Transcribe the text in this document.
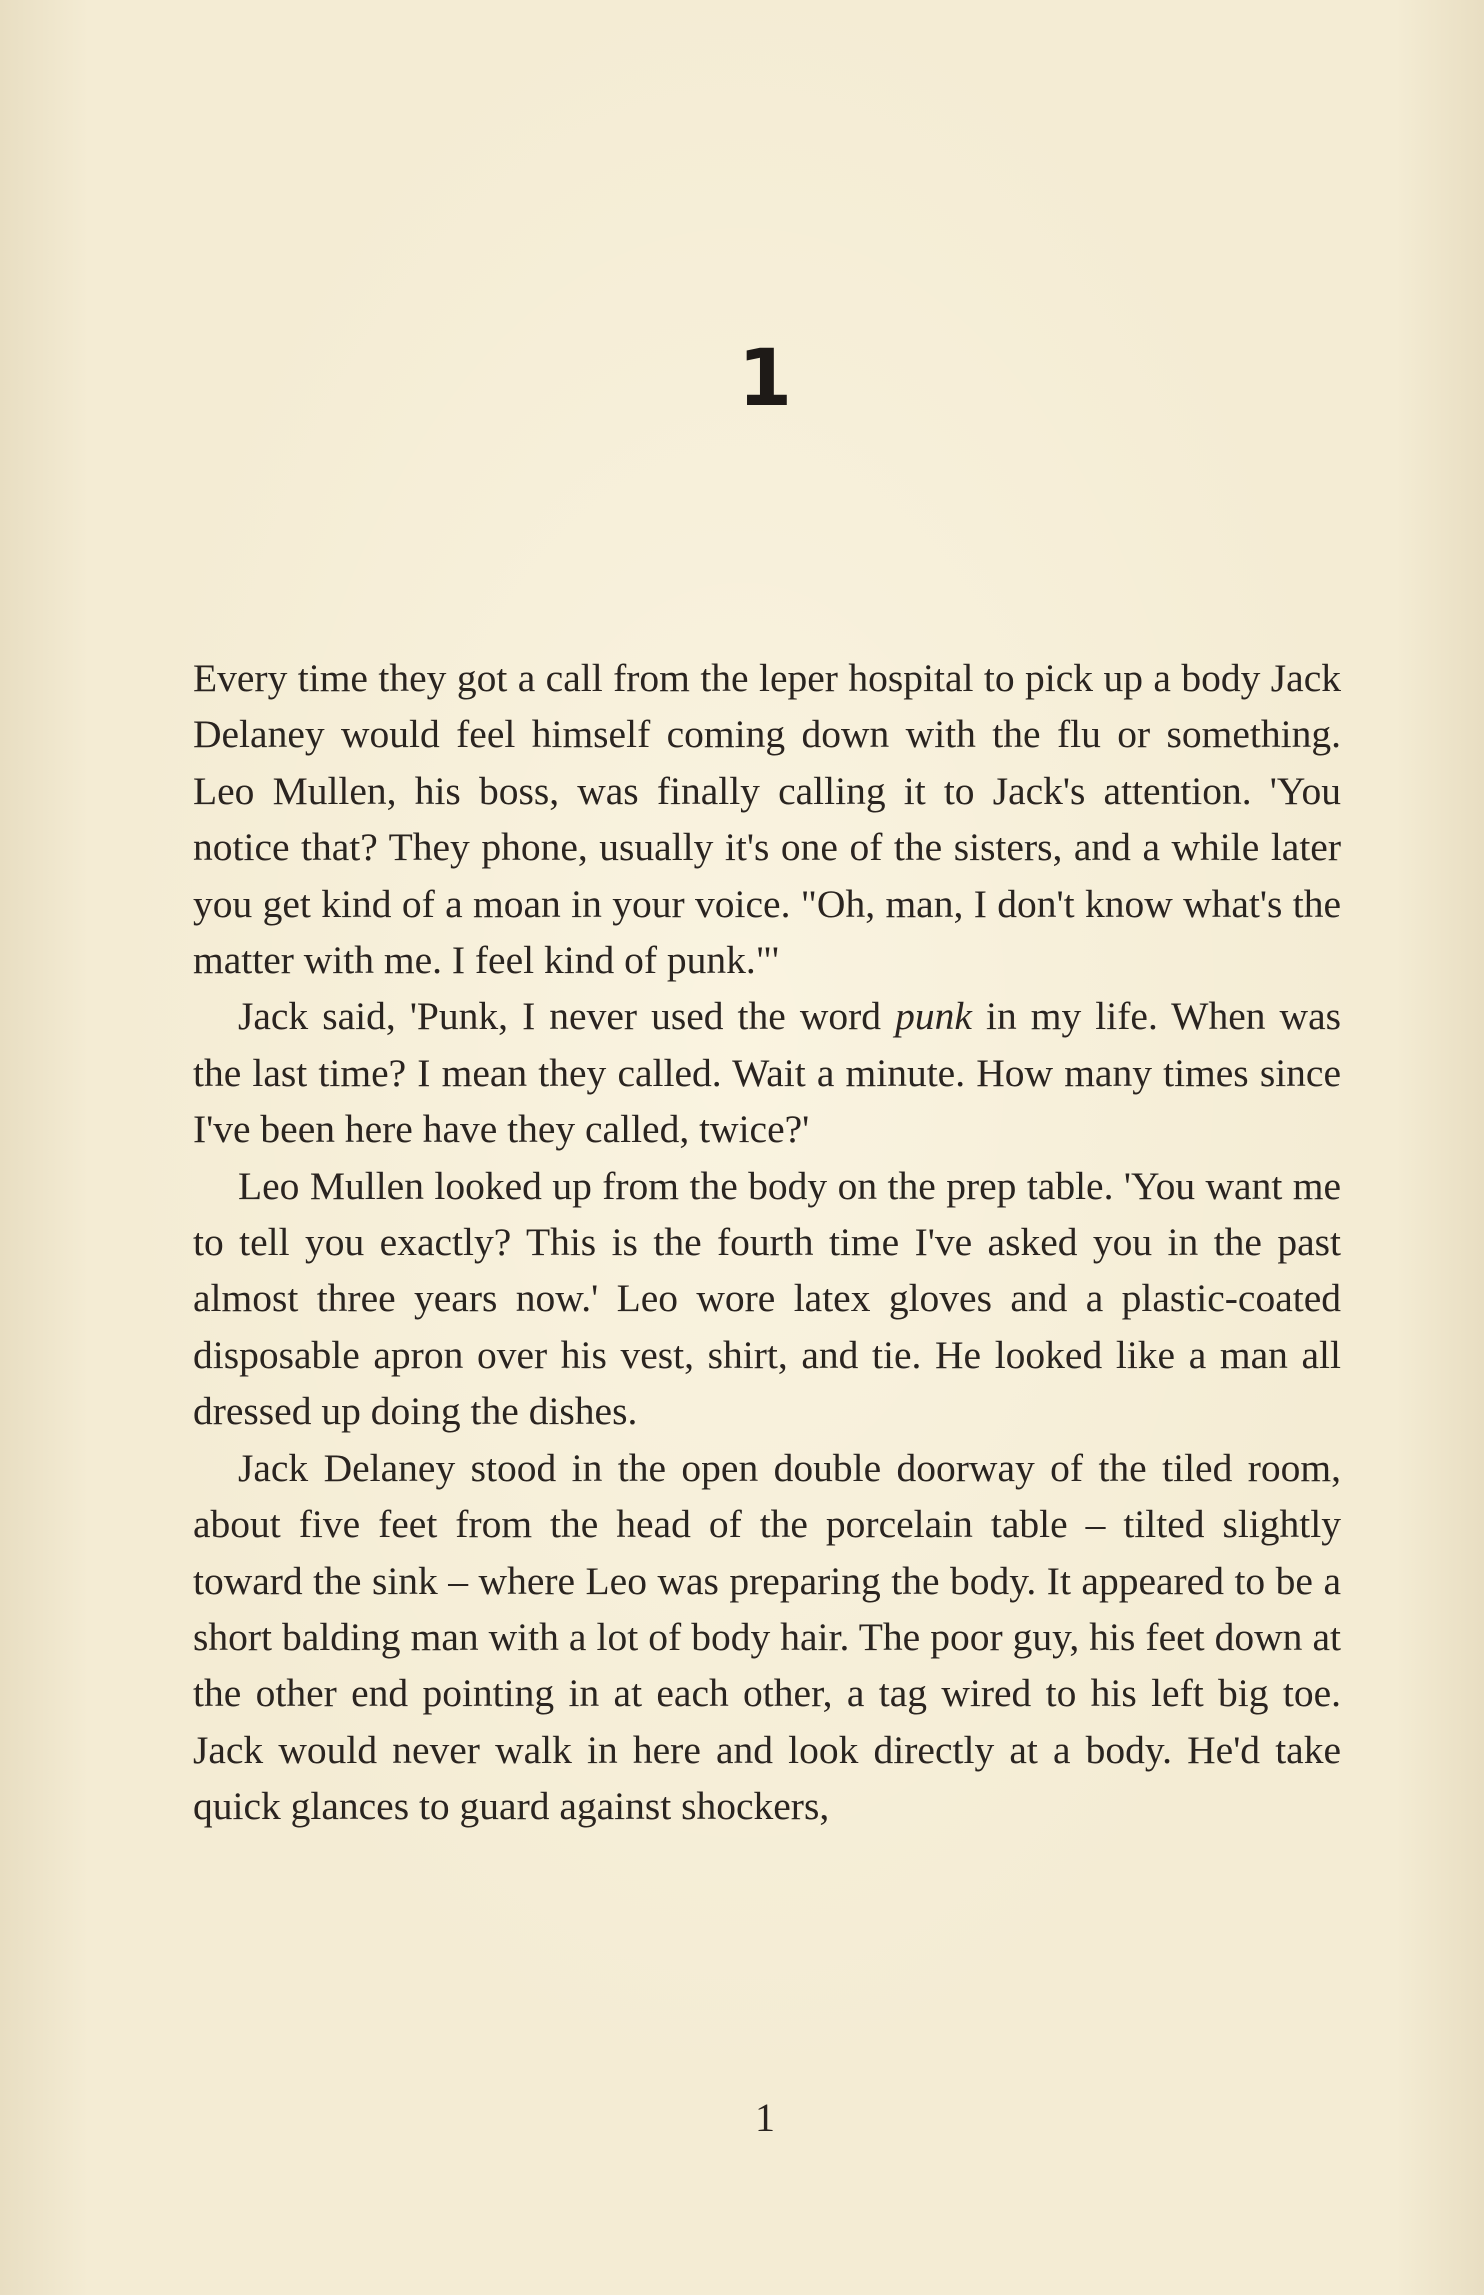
1

Every time they got a call from the leper hospital to pick up a body Jack Delaney would feel himself coming down with the flu or something. Leo Mullen, his boss, was finally calling it to Jack's attention. 'You notice that? They phone, usually it's one of the sisters, and a while later you get kind of a moan in your voice. "Oh, man, I don't know what's the matter with me. I feel kind of punk."'

Jack said, 'Punk, I never used the word punk in my life. When was the last time? I mean they called. Wait a minute. How many times since I've been here have they called, twice?'

Leo Mullen looked up from the body on the prep table. 'You want me to tell you exactly? This is the fourth time I've asked you in the past almost three years now.' Leo wore latex gloves and a plastic-coated disposable apron over his vest, shirt, and tie. He looked like a man all dressed up doing the dishes.

Jack Delaney stood in the open double doorway of the tiled room, about five feet from the head of the porcelain table – tilted slightly toward the sink – where Leo was preparing the body. It appeared to be a short balding man with a lot of body hair. The poor guy, his feet down at the other end pointing in at each other, a tag wired to his left big toe. Jack would never walk in here and look directly at a body. He'd take quick glances to guard against shockers,

1
